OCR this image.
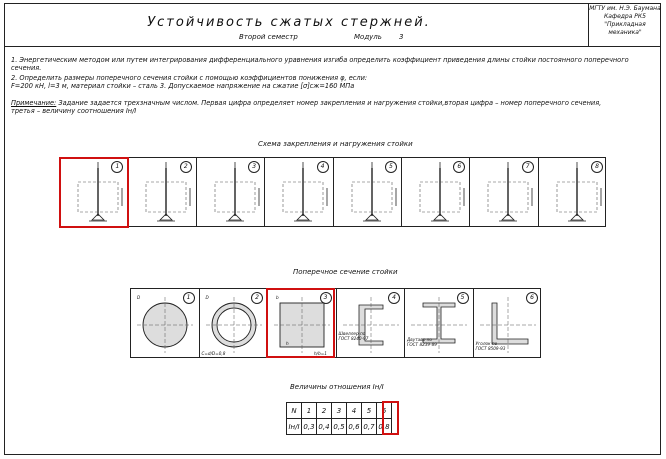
Устойчивость сжатых стержней.
Второй семестр	Модуль 3
МГТУ им. Н.Э. Баумана
Кафедра РК5
"Прикладная механика"
1. Энергетическим методом или путем интегрирования дифференциального уравнения изгиба определить коэффициент приведения длины стойки постоянного поперечного
сечения.
2. Определить размеры поперечного сечения стойки с помощью коэффициентов понижения φ, если:
F=200 кН, l=3 м, материал стойки – сталь 3. Допускаемое напряжение на сжатие [σ]сж=160 МПа
Примечание: Задание задается трехзначным числом. Первая цифра определяет номер закрепления и нагружения стойки,вторая цифра – номер поперечного сечения,
третья – величину соотношения Iн/I
Схема закрепления и нагружения стойки
1	2	3	4	5	6	7	8
Поперечное сечение стойки
1
D	2
D
C=d/D=0,8
3
b
h
h/b=1
4
Швеллер по ГОСТ 8240-97
5
Двутавр по ГОСТ 8239-89
6
Уголок по ГОСТ 8509-93
Величины отношения Iн/I
N	1	2	3	4	5	6
Iн/I	0,3	0,4	0,5	0,6	0,7	0,8
